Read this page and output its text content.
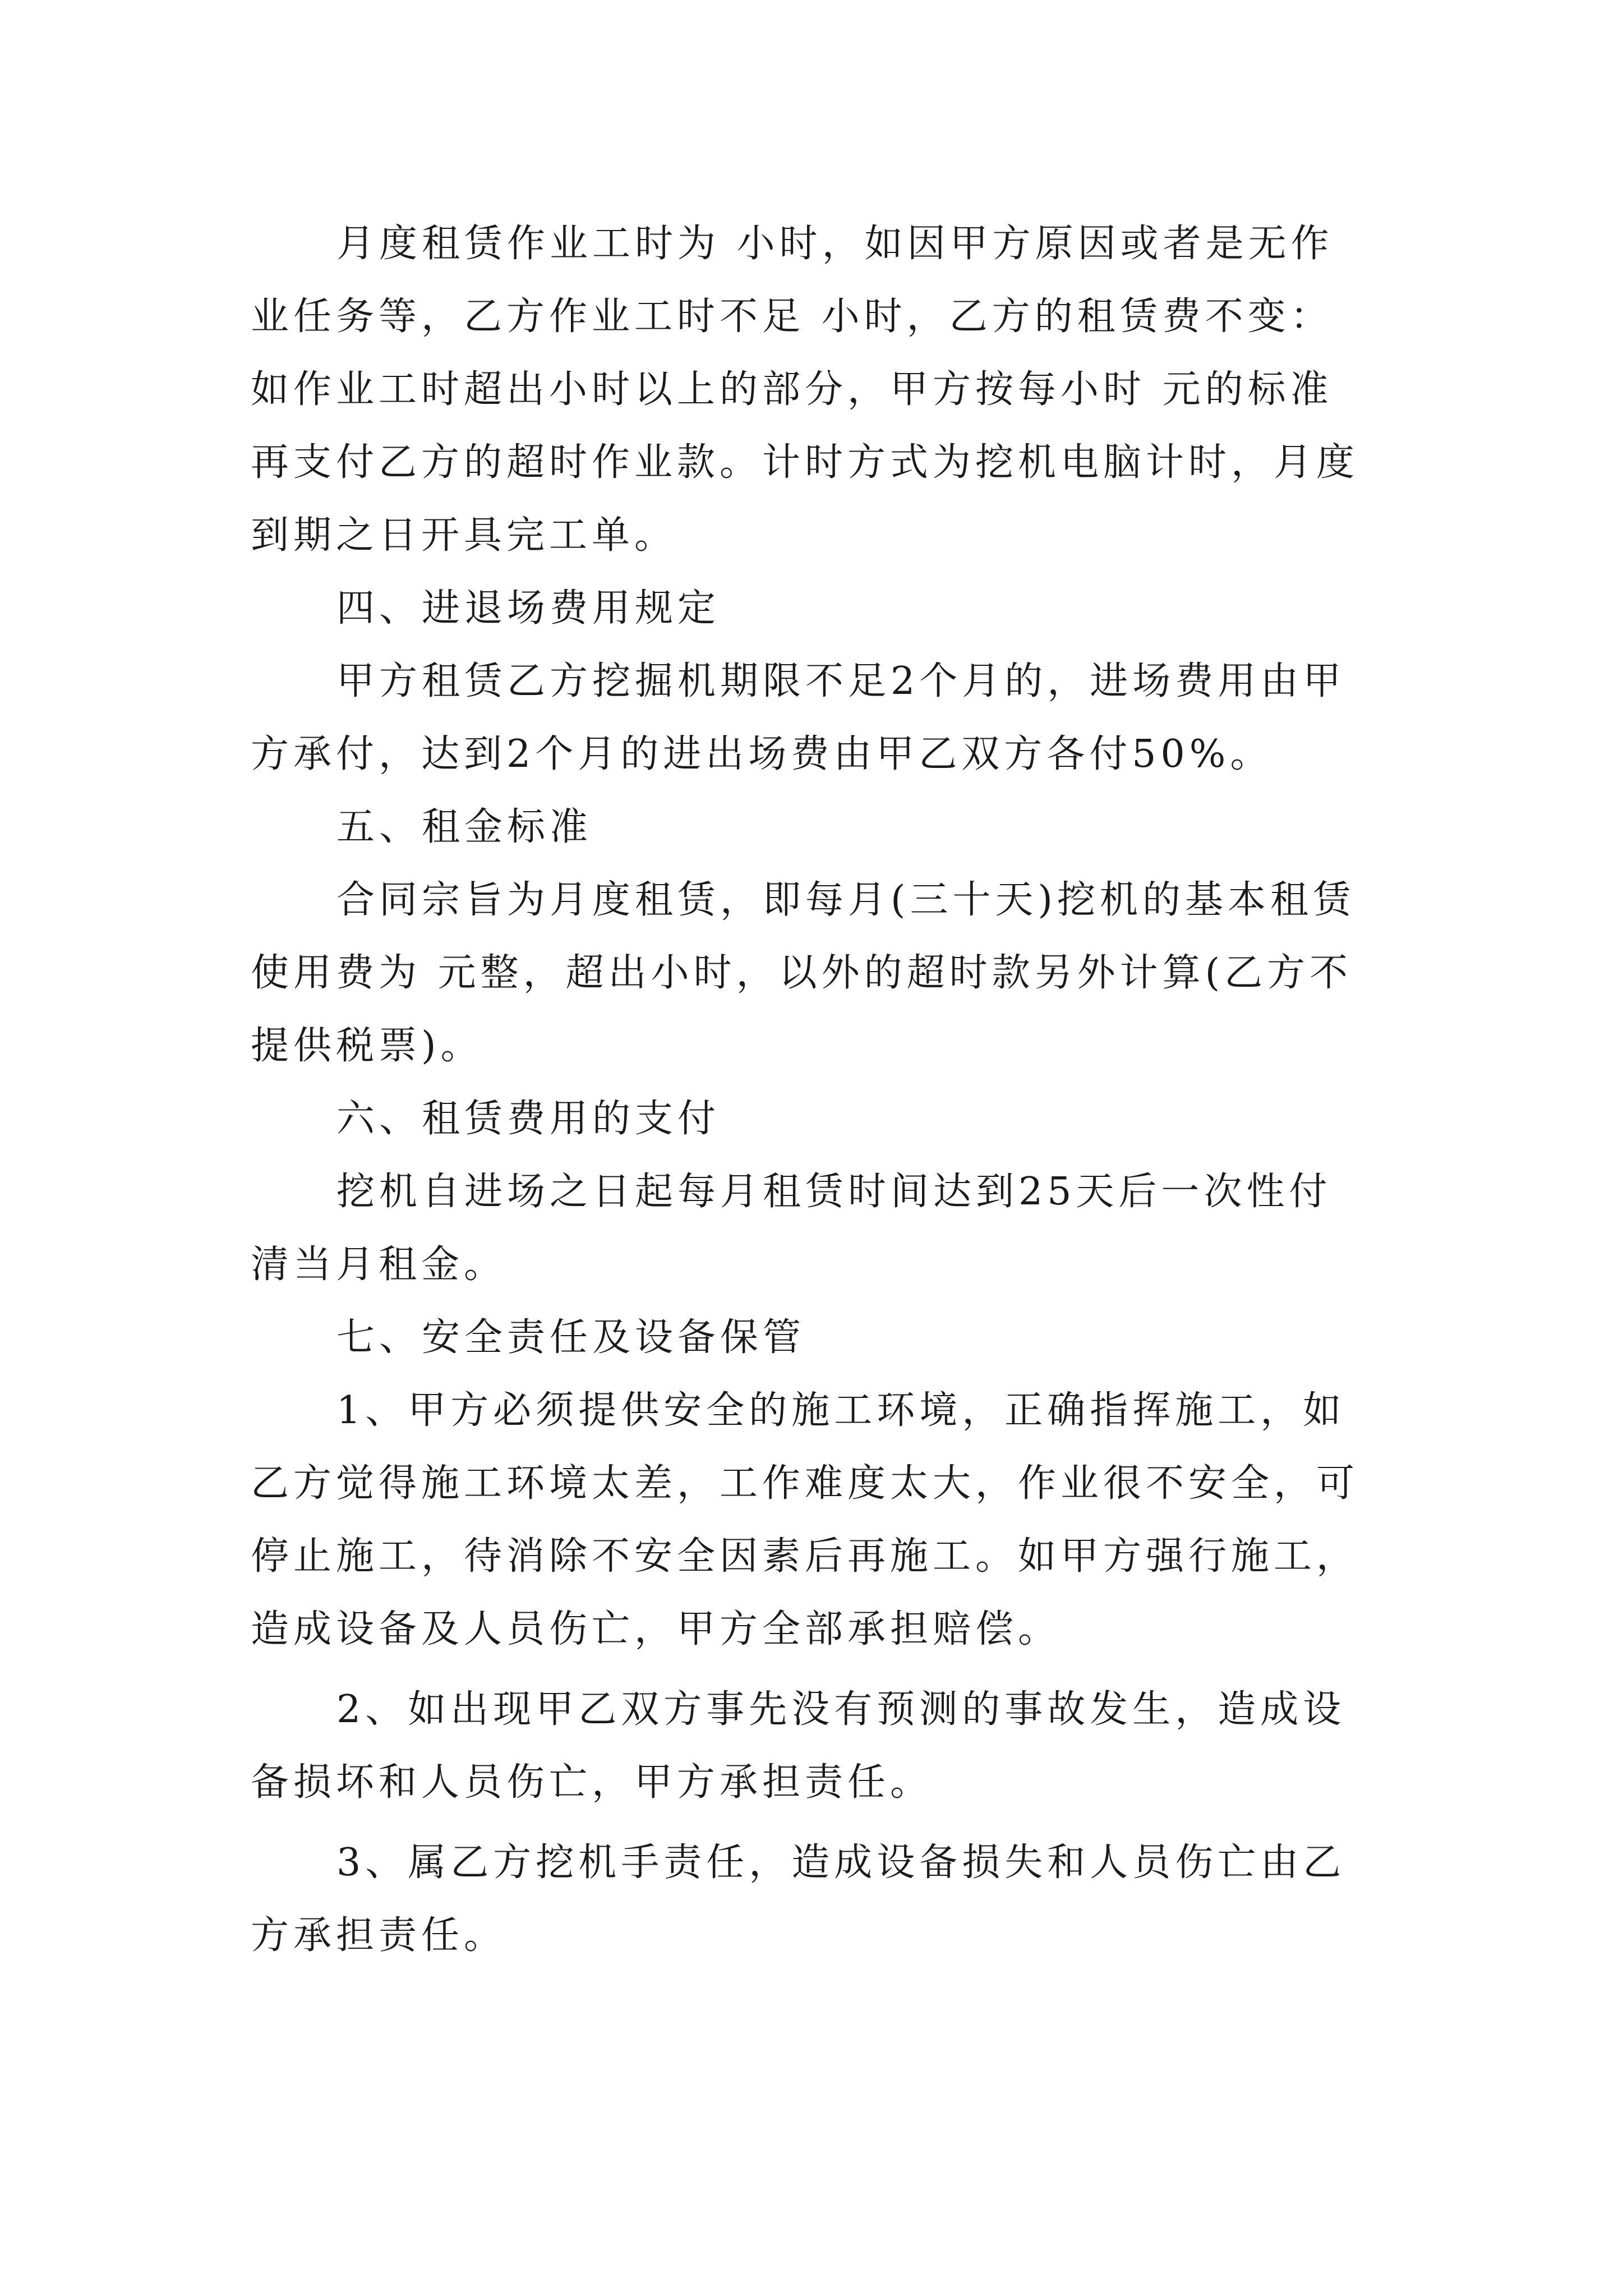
月度租赁作业工时为 小时，如因甲方原因或者是无作
业任务等，乙方作业工时不足 小时，乙方的租赁费不变：
如作业工时超出小时以上的部分，甲方按每小时 元的标准
再支付乙方的超时作业款。计时方式为挖机电脑计时，月度
到期之日开具完工单。
四、进退场费用规定
甲方租赁乙方挖掘机期限不足2个月的，进场费用由甲
方承付，达到2个月的进出场费由甲乙双方各付50%。
五、租金标准
合同宗旨为月度租赁，即每月(三十天)挖机的基本租赁
使用费为 元整，超出小时，以外的超时款另外计算(乙方不
提供税票)。
六、租赁费用的支付
挖机自进场之日起每月租赁时间达到25天后一次性付
清当月租金。
七、安全责任及设备保管
1、甲方必须提供安全的施工环境，正确指挥施工，如
乙方觉得施工环境太差，工作难度太大，作业很不安全，可
停止施工，待消除不安全因素后再施工。如甲方强行施工，
造成设备及人员伤亡，甲方全部承担赔偿。
2、如出现甲乙双方事先没有预测的事故发生，造成设
备损坏和人员伤亡，甲方承担责任。
3、属乙方挖机手责任，造成设备损失和人员伤亡由乙
方承担责任。
